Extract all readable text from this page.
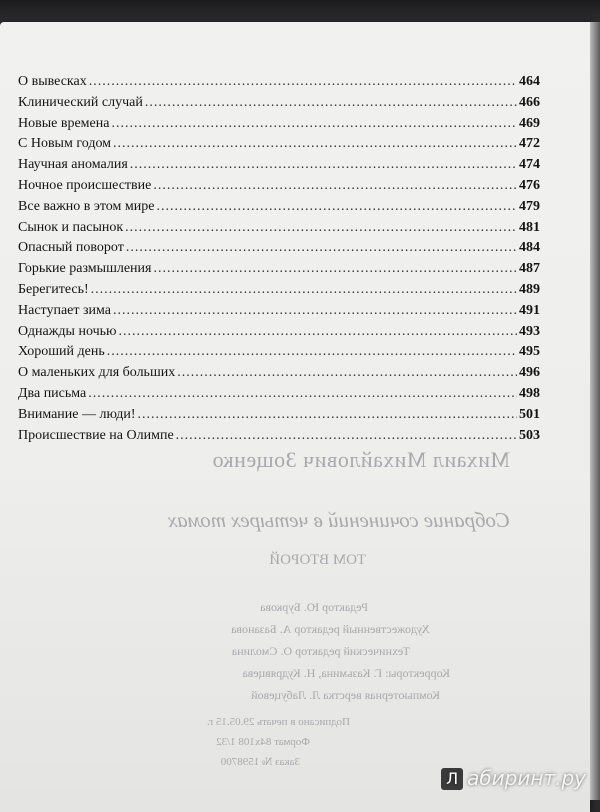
Михаил Михайлович Зощенко
Собрание сочинений в четырех томах
ТОМ ВТОРОЙ
Редактор Ю. Буркова
Художественный редактор А. Базанова
Технический редактор О. Смолина
Корректоры: Г. Казьмина, Н. Кудрявцева
Компьютерная верстка Л. Лабуцевой
Подписано в печать 29.05.15 г.
Формат 84х108 1/32
Заказ № 1598700
О вывесках .....	464
Клинический случай .....	466
Новые времена .....	469
С Новым годом .....	472
Научная аномалия .....	474
Ночное происшествие .....	476
Все важно в этом мире .....	479
Сынок и пасынок .....	481
Опасный поворот .....	484
Горькие размышления .....	487
Берегитесь! .....	489
Наступает зима .....	491
Однажды ночью .....	493
Хороший день .....	495
О маленьких для больших .....	496
Два письма .....	498
Внимание — люди! .....	501
Происшествие на Олимпе .....	503
Л абиринт.ру
